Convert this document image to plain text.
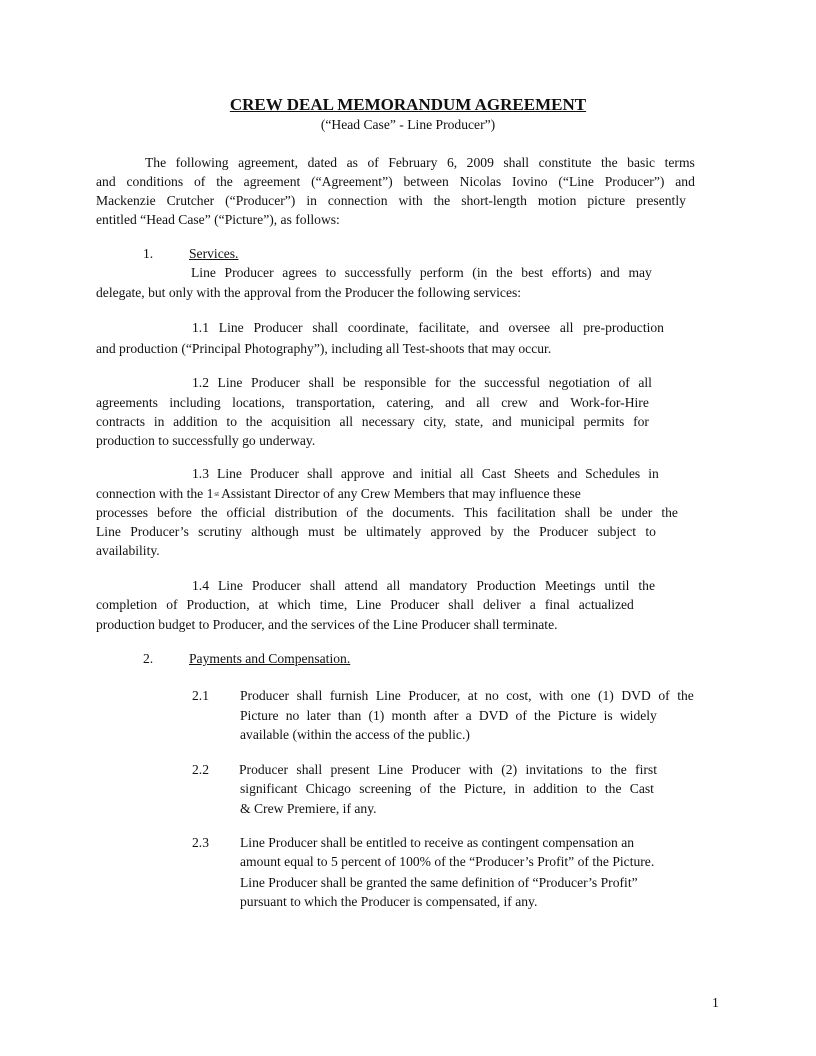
CREW DEAL MEMORANDUM AGREEMENT
(“Head Case” - Line Producer”)
The following agreement, dated as of February 6, 2009 shall constitute the basic terms
and conditions of the agreement (“Agreement”) between Nicolas Iovino (“Line Producer”) and
Mackenzie Crutcher (“Producer”) in connection with the short-length motion picture presently
entitled “Head Case” (“Picture”), as follows:
1.	Services.
Line Producer agrees to successfully perform (in the best efforts) and may
delegate, but only with the approval from the Producer the following services:
1.1 Line Producer shall coordinate, facilitate, and oversee all pre-production
and production (“Principal Photography”), including all Test-shoots that may occur.
1.2 Line Producer shall be responsible for the successful negotiation of all
agreements including locations, transportation, catering, and all crew and Work-for-Hire
contracts in addition to the acquisition all necessary city, state, and municipal permits for
production to successfully go underway.
1.3 Line Producer shall approve and initial all Cast Sheets and Schedules in
connection with the 1st Assistant Director of any Crew Members that may influence these
processes before the official distribution of the documents. This facilitation shall be under the
Line Producer’s scrutiny although must be ultimately approved by the Producer subject to
availability.
1.4 Line Producer shall attend all mandatory Production Meetings until the
completion of Production, at which time, Line Producer shall deliver a final actualized
production budget to Producer, and the services of the Line Producer shall terminate.
2.	Payments and Compensation.
2.1 Producer shall furnish Line Producer, at no cost, with one (1) DVD of the
Picture no later than (1) month after a DVD of the Picture is widely
available (within the access of the public.)
2.2 Producer shall present Line Producer with (2) invitations to the first
significant Chicago screening of the Picture, in addition to the Cast
& Crew Premiere, if any.
2.3 Line Producer shall be entitled to receive as contingent compensation an
amount equal to 5 percent of 100% of the “Producer’s Profit” of the Picture.
Line Producer shall be granted the same definition of “Producer’s Profit”
pursuant to which the Producer is compensated, if any.
1
